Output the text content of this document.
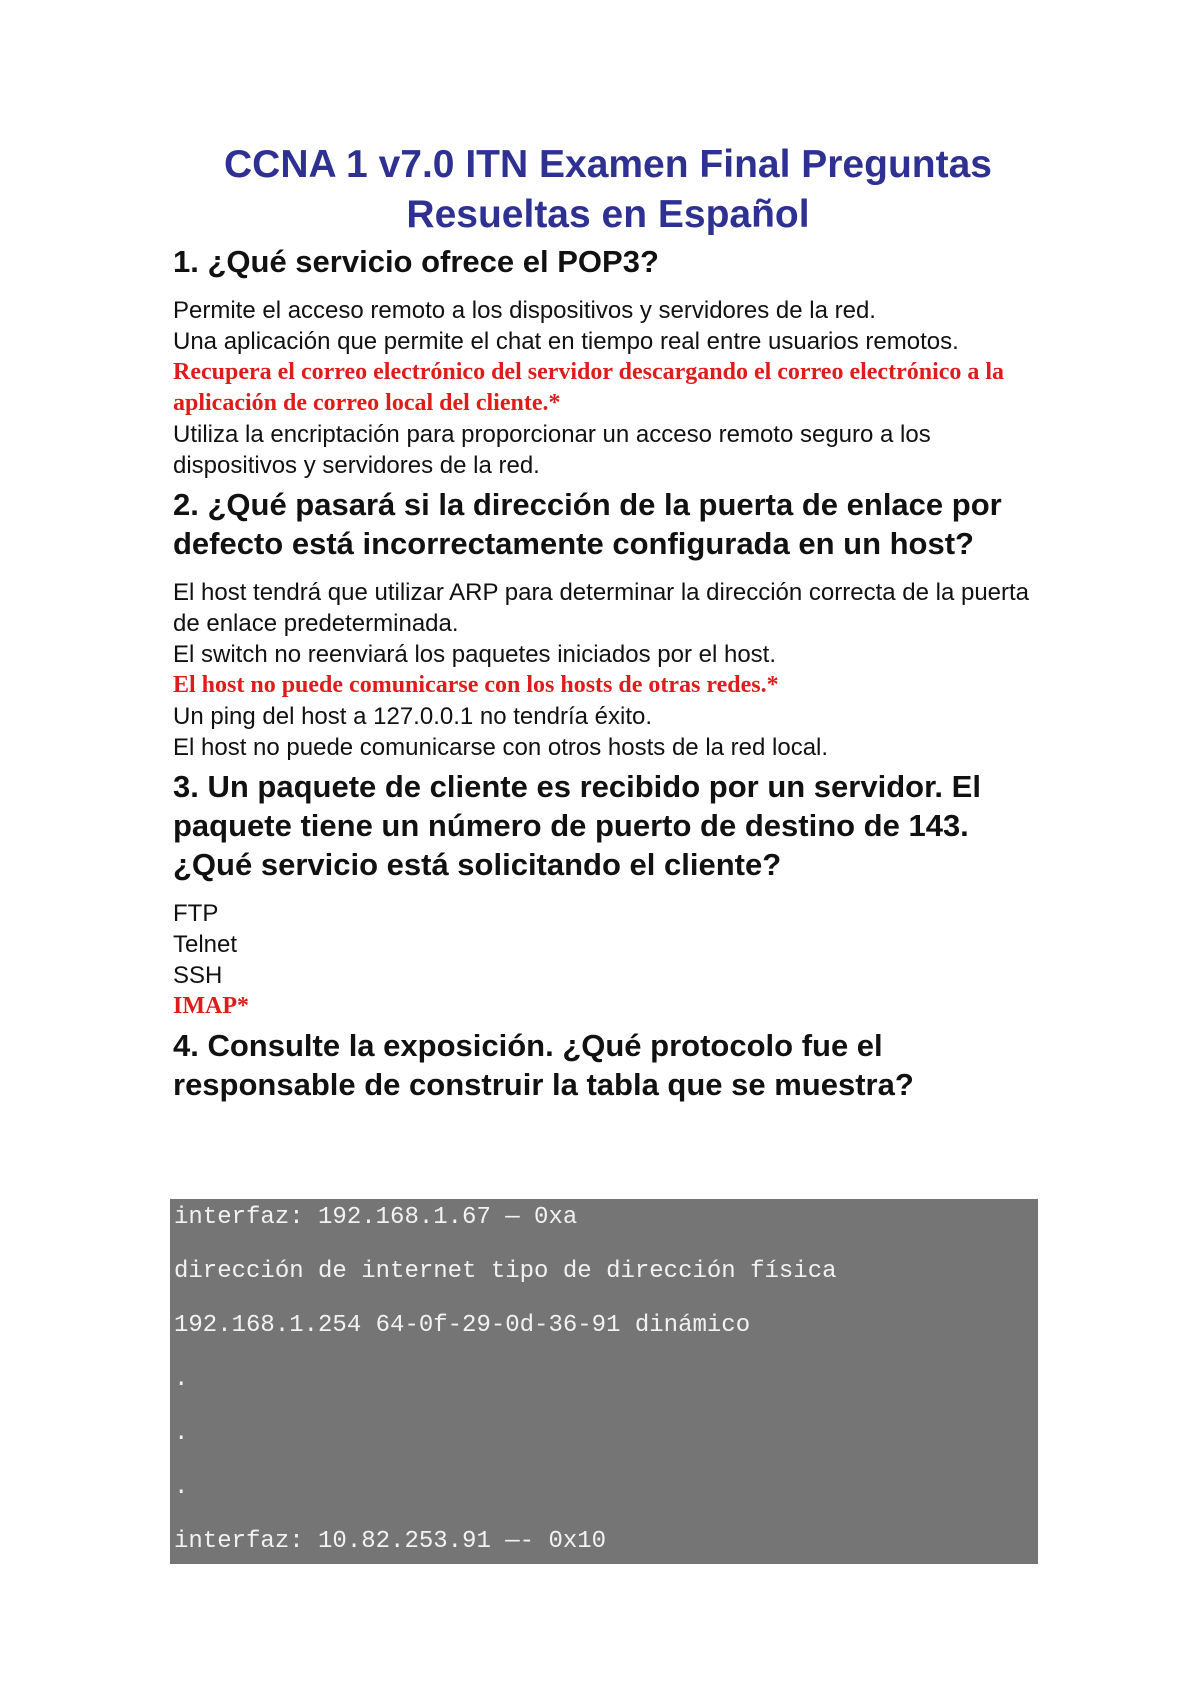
CCNA 1 v7.0 ITN Examen Final Preguntas Resueltas en Español
1. ¿Qué servicio ofrece el POP3?
Permite el acceso remoto a los dispositivos y servidores de la red.
Una aplicación que permite el chat en tiempo real entre usuarios remotos.
Recupera el correo electrónico del servidor descargando el correo electrónico a la aplicación de correo local del cliente.*
Utiliza la encriptación para proporcionar un acceso remoto seguro a los dispositivos y servidores de la red.
2. ¿Qué pasará si la dirección de la puerta de enlace por defecto está incorrectamente configurada en un host?
El host tendrá que utilizar ARP para determinar la dirección correcta de la puerta de enlace predeterminada.
El switch no reenviará los paquetes iniciados por el host.
El host no puede comunicarse con los hosts de otras redes.*
Un ping del host a 127.0.0.1 no tendría éxito.
El host no puede comunicarse con otros hosts de la red local.
3. Un paquete de cliente es recibido por un servidor. El paquete tiene un número de puerto de destino de 143. ¿Qué servicio está solicitando el cliente?
FTP
Telnet
SSH
IMAP*
4. Consulte la exposición. ¿Qué protocolo fue el responsable de construir la tabla que se muestra?
interfaz: 192.168.1.67 — 0xa
dirección de internet tipo de dirección física
192.168.1.254 64-0f-29-0d-36-91 dinámico
.
.
.
interfaz: 10.82.253.91 —- 0x10
